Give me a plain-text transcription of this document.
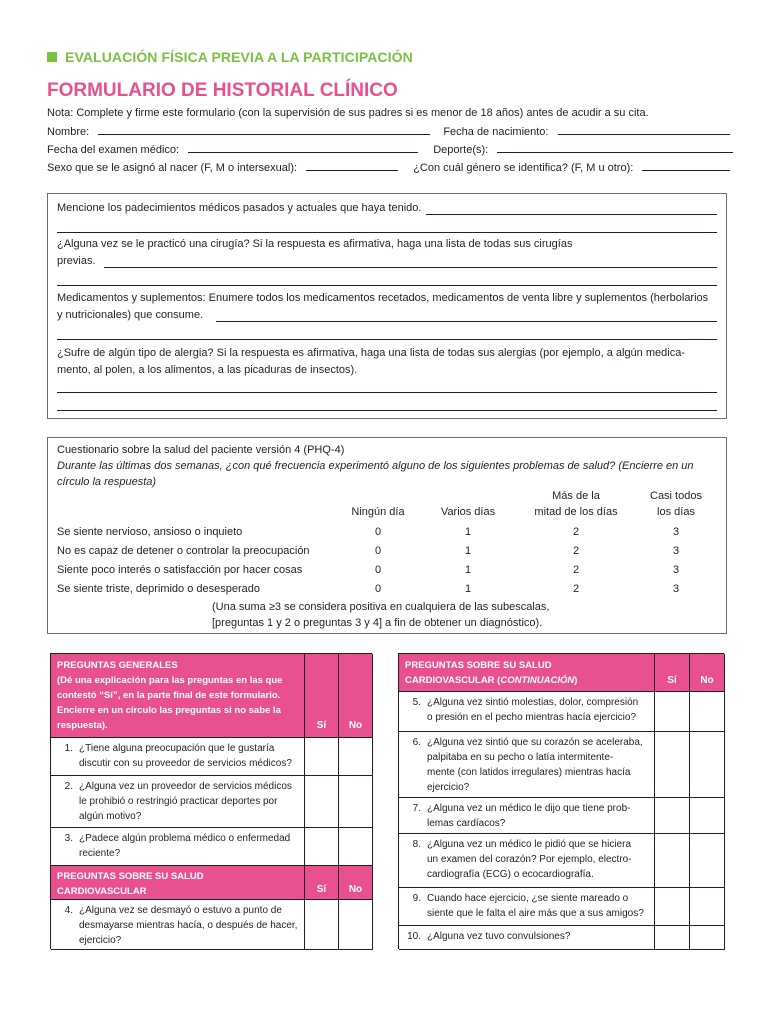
EVALUACIÓN FÍSICA PREVIA A LA PARTICIPACIÓN
FORMULARIO DE HISTORIAL CLÍNICO
Nota: Complete y firme este formulario (con la supervisión de sus padres si es menor de 18 años) antes de acudir a su cita.
Nombre:	Fecha de nacimiento:
Fecha del examen médico:	Deporte(s):
Sexo que se le asignó al nacer (F, M o intersexual):	¿Con cuál género se identifica? (F, M u otro):
Mencione los padecimientos médicos pasados y actuales que haya tenido.
¿Alguna vez se le practicó una cirugía? Si la respuesta es afirmativa, haga una lista de todas sus cirugías
previas.
Medicamentos y suplementos: Enumere todos los medicamentos recetados, medicamentos de venta libre y suplementos (herbolarios
y nutricionales) que consume.
¿Sufre de algún tipo de alergia? Si la respuesta es afirmativa, haga una lista de todas sus alergias (por ejemplo, a algún medica-
mento, al polen, a los alimentos, a las picaduras de insectos).
Cuestionario sobre la salud del paciente versión 4 (PHQ-4)
Durante las últimas dos semanas, ¿con qué frecuencia experimentó alguno de los siguientes problemas de salud? (Encierre en un
círculo la respuesta)
Ningún día	Varios días
Más de la
mitad de los días
Casi todos
los días
Se siente nervioso, ansioso o inquieto	0	1	2	3
No es capaz de detener o controlar la preocupación	0	1	2	3
Siente poco interés o satisfacción por hacer cosas	0	1	2	3
Se siente triste, deprimido o desesperado	0	1	2	3
(Una suma ≥3 se considera positiva en cualquiera de las subescalas,
[preguntas 1 y 2 o preguntas 3 y 4] a fin de obtener un diagnóstico).
PREGUNTAS GENERALES
(Dé una explicación para las preguntas en las que
contestó “Sí”, en la parte final de este formulario.
Encierre en un círculo las preguntas si no sabe la
respuesta).	Sí	No
1. ¿Tiene alguna preocupación que le gustaría
discutir con su proveedor de servicios médicos?
2. ¿Alguna vez un proveedor de servicios médicos
le prohibió o restringió practicar deportes por
algún motivo?
3. ¿Padece algún problema médico o enfermedad
reciente?
PREGUNTAS SOBRE SU SALUD
CARDIOVASCULAR	Sí	No
4. ¿Alguna vez se desmayó o estuvo a punto de
desmayarse mientras hacía, o después de hacer,
ejercicio?
PREGUNTAS SOBRE SU SALUD
CARDIOVASCULAR (CONTINUACIÓN)	Sí	No
5. ¿Alguna vez sintió molestias, dolor, compresión
o presión en el pecho mientras hacía ejercicio?
6. ¿Alguna vez sintió que su corazón se aceleraba,
palpitaba en su pecho o latía intermitente-
mente (con latidos irregulares) mientras hacía
ejercicio?
7. ¿Alguna vez un médico le dijo que tiene prob-
lemas cardíacos?
8. ¿Alguna vez un médico le pidió que se hiciera
un examen del corazón? Por ejemplo, electro-
cardiografía (ECG) o ecocardiografía.
9. Cuando hace ejercicio, ¿se siente mareado o
siente que le falta el aire más que a sus amigos?
10. ¿Alguna vez tuvo convulsiones?
